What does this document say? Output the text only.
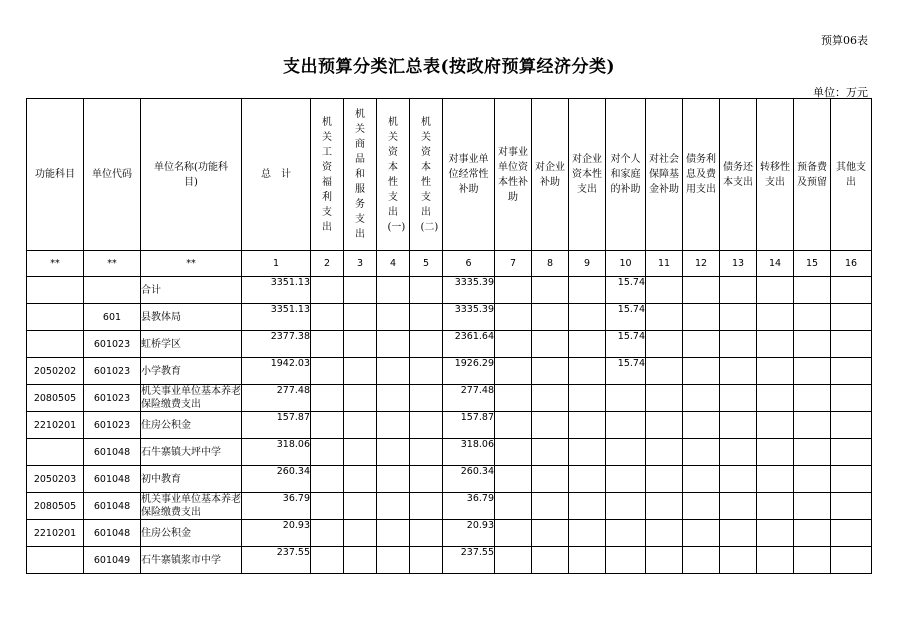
预算06表
支出预算分类汇总表(按政府预算经济分类)
单位：万元
功能科目	单位代码	单位名称(功能科目)	总　计	机关工资福利支出	机关商品和服务支出	机关资本性支出(一)	机关资本性支出(二)	对事业单位经常性补助	对事业单位资本性补助	对企业补助	对企业资本性支出	对个人和家庭的补助	对社会保障基金补助	债务利息及费用支出	债务还本支出	转移性支出	预备费及预留	其他支出
**	**	**	1	2	3	4	5	6	7	8	9	10	11	12	13	14	15	16
		合计	3351.13					3335.39				15.74						
	601	县教体局	3351.13					3335.39				15.74						
	601023	虹桥学区	2377.38					2361.64				15.74						
2050202	601023	小学教育	1942.03					1926.29				15.74						
2080505	601023	机关事业单位基本养老保险缴费支出	277.48					277.48										
2210201	601023	住房公积金	157.87					157.87										
	601048	石牛寨镇大坪中学	318.06					318.06										
2050203	601048	初中教育	260.34					260.34										
2080505	601048	机关事业单位基本养老保险缴费支出	36.79					36.79										
2210201	601048	住房公积金	20.93					20.93										
	601049	石牛寨镇浆市中学	237.55					237.55										
